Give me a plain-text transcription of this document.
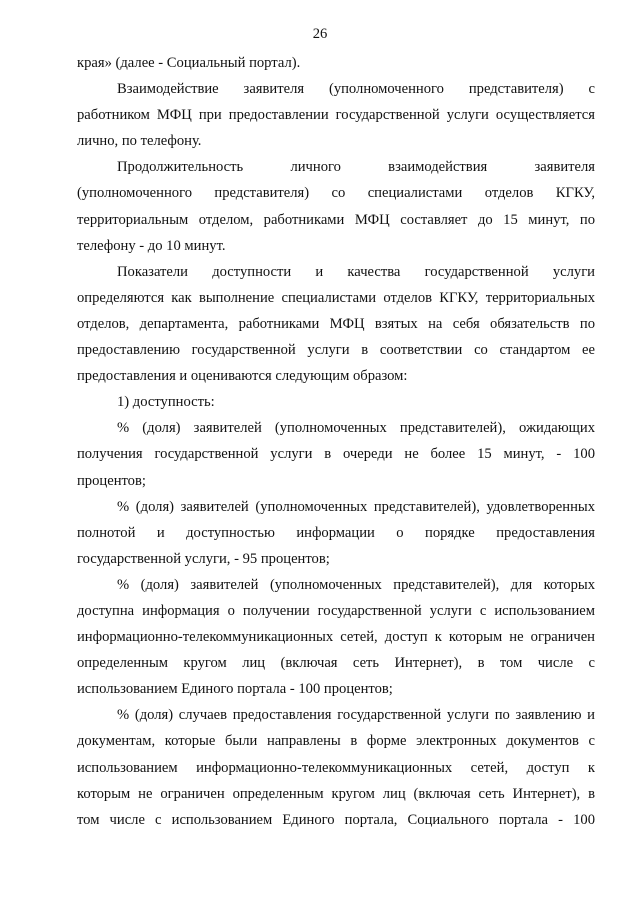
26
края» (далее - Социальный портал).
Взаимодействие заявителя (уполномоченного представителя) с
работником МФЦ при предоставлении государственной услуги осуществляется
лично, по телефону.
Продолжительность личного взаимодействия заявителя
(уполномоченного представителя) со специалистами отделов КГКУ,
территориальным отделом, работниками МФЦ составляет до 15 минут, по
телефону - до 10 минут.
Показатели доступности и качества государственной услуги
определяются как выполнение специалистами отделов КГКУ, территориальных
отделов, департамента, работниками МФЦ взятых на себя обязательств по
предоставлению государственной услуги в соответствии со стандартом ее
предоставления и оцениваются следующим образом:
1) доступность:
% (доля) заявителей (уполномоченных представителей), ожидающих
получения государственной услуги в очереди не более 15 минут, - 100
процентов;
% (доля) заявителей (уполномоченных представителей), удовлетворенных
полнотой и доступностью информации о порядке предоставления
государственной услуги, - 95 процентов;
% (доля) заявителей (уполномоченных представителей), для которых
доступна информация о получении государственной услуги с использованием
информационно-телекоммуникационных сетей, доступ к которым не ограничен
определенным кругом лиц (включая сеть Интернет), в том числе с
использованием Единого портала - 100 процентов;
% (доля) случаев предоставления государственной услуги по заявлению и
документам, которые были направлены в форме электронных документов с
использованием информационно-телекоммуникационных сетей, доступ к
которым не ограничен определенным кругом лиц (включая сеть Интернет), в
том числе с использованием Единого портала, Социального портала - 100
